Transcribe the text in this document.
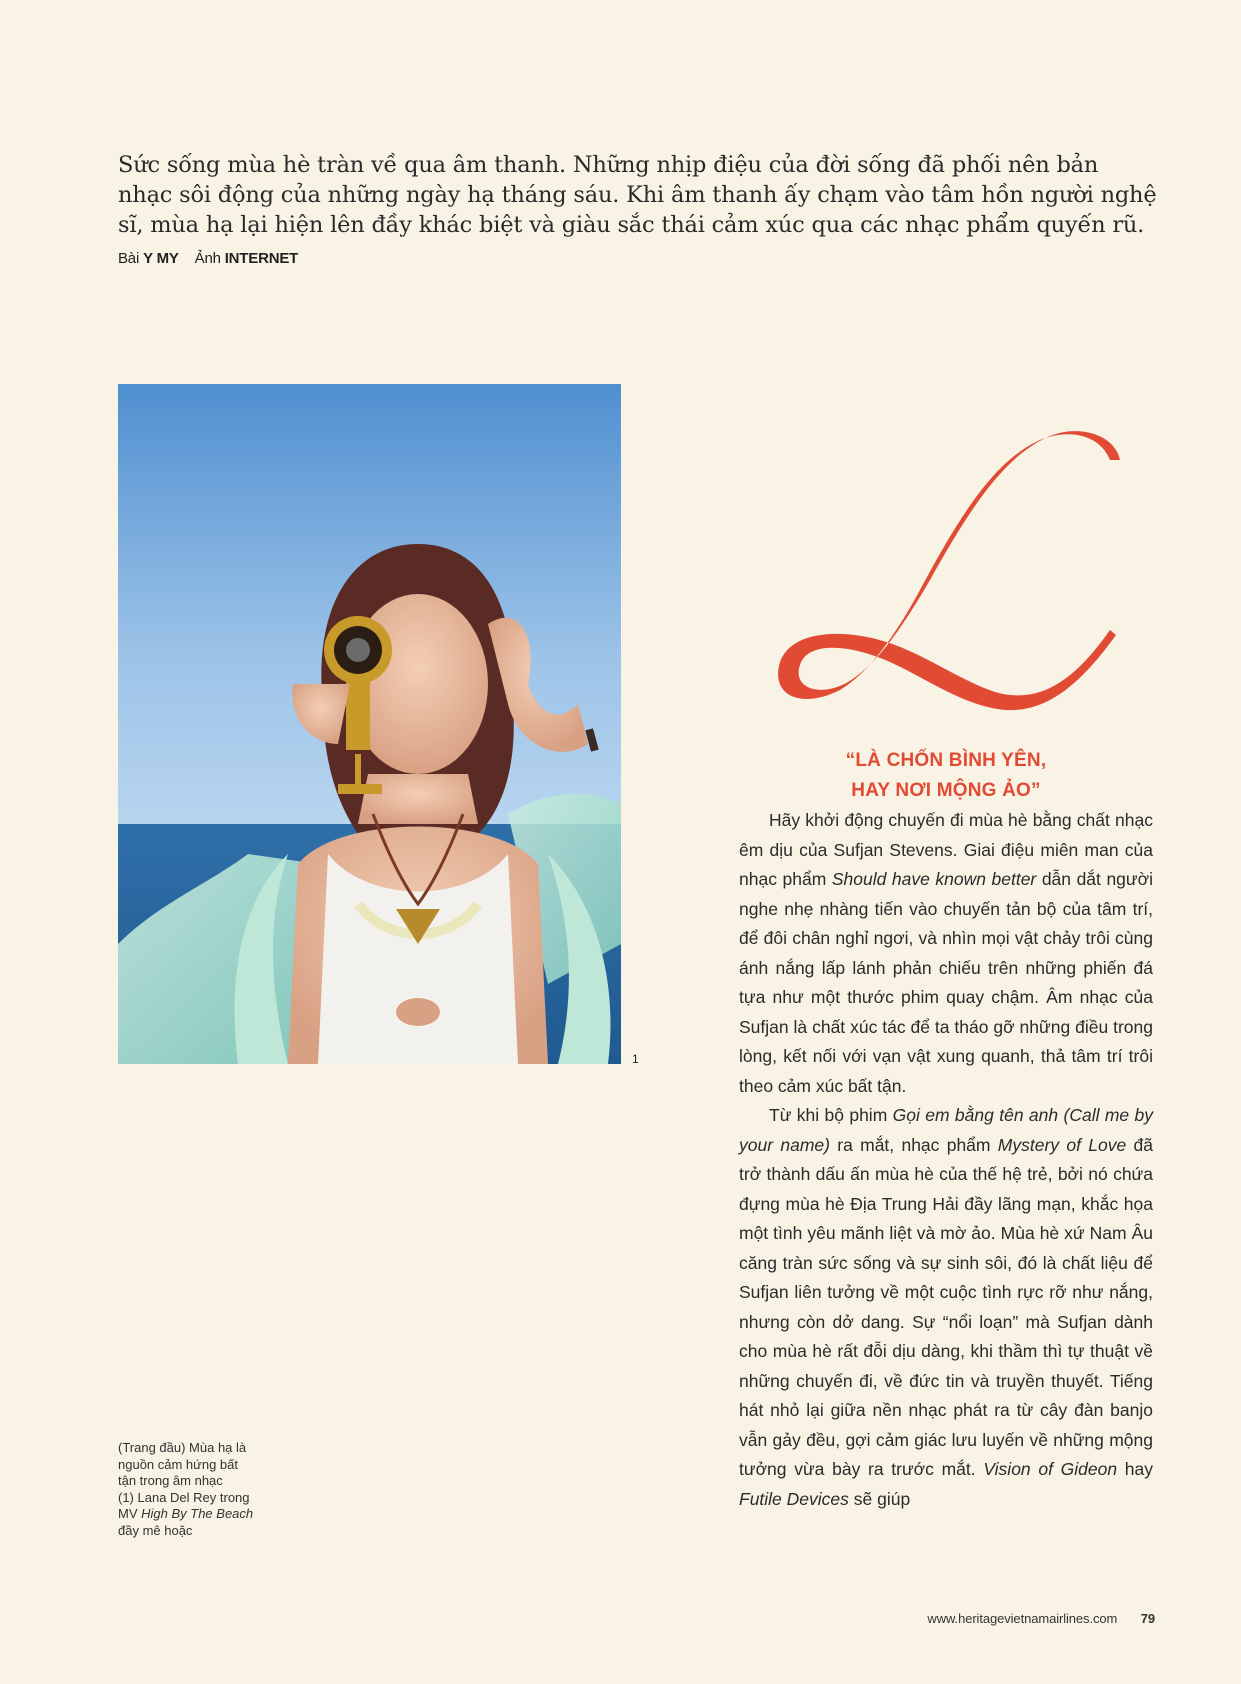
Sức sống mùa hè tràn về qua âm thanh. Những nhịp điệu của đời sống đã phối nên bản nhạc sôi động của những ngày hạ tháng sáu. Khi âm thanh ấy chạm vào tâm hồn người nghệ sĩ, mùa hạ lại hiện lên đầy khác biệt và giàu sắc thái cảm xúc qua các nhạc phẩm quyến rũ.

Bài Y MY Ảnh INTERNET
1
“LÀ CHỐN BÌNH YÊN,
HAY NƠI MỘNG ẢO”

Hãy khởi động chuyến đi mùa hè bằng chất nhạc êm dịu của Sufjan Stevens. Giai điệu miên man của nhạc phẩm Should have known better dẫn dắt người nghe nhẹ nhàng tiến vào chuyến tản bộ của tâm trí, để đôi chân nghỉ ngơi, và nhìn mọi vật chảy trôi cùng ánh nắng lấp lánh phản chiếu trên những phiến đá tựa như một thước phim quay chậm. Âm nhạc của Sufjan là chất xúc tác để ta tháo gỡ những điều trong lòng, kết nối với vạn vật xung quanh, thả tâm trí trôi theo cảm xúc bất tận.

Từ khi bộ phim Gọi em bằng tên anh (Call me by your name) ra mắt, nhạc phẩm Mystery of Love đã trở thành dấu ấn mùa hè của thế hệ trẻ, bởi nó chứa đựng mùa hè Địa Trung Hải đầy lãng mạn, khắc họa một tình yêu mãnh liệt và mờ ảo. Mùa hè xứ Nam Âu căng tràn sức sống và sự sinh sôi, đó là chất liệu để Sufjan liên tưởng về một cuộc tình rực rỡ như nắng, nhưng còn dở dang. Sự “nổi loạn” mà Sufjan dành cho mùa hè rất đỗi dịu dàng, khi thầm thì tự thuật về những chuyến đi, về đức tin và truyền thuyết. Tiếng hát nhỏ lại giữa nền nhạc phát ra từ cây đàn banjo vẫn gảy đều, gợi cảm giác lưu luyến về những mộng tưởng vừa bày ra trước mắt. Vision of Gideon hay Futile Devices sẽ giúp

(Trang đầu) Mùa hạ là
nguồn cảm hứng bất
tận trong âm nhạc
(1) Lana Del Rey trong
MV High By The Beach
đầy mê hoặc
www.heritagevietnamairlines.com 79
